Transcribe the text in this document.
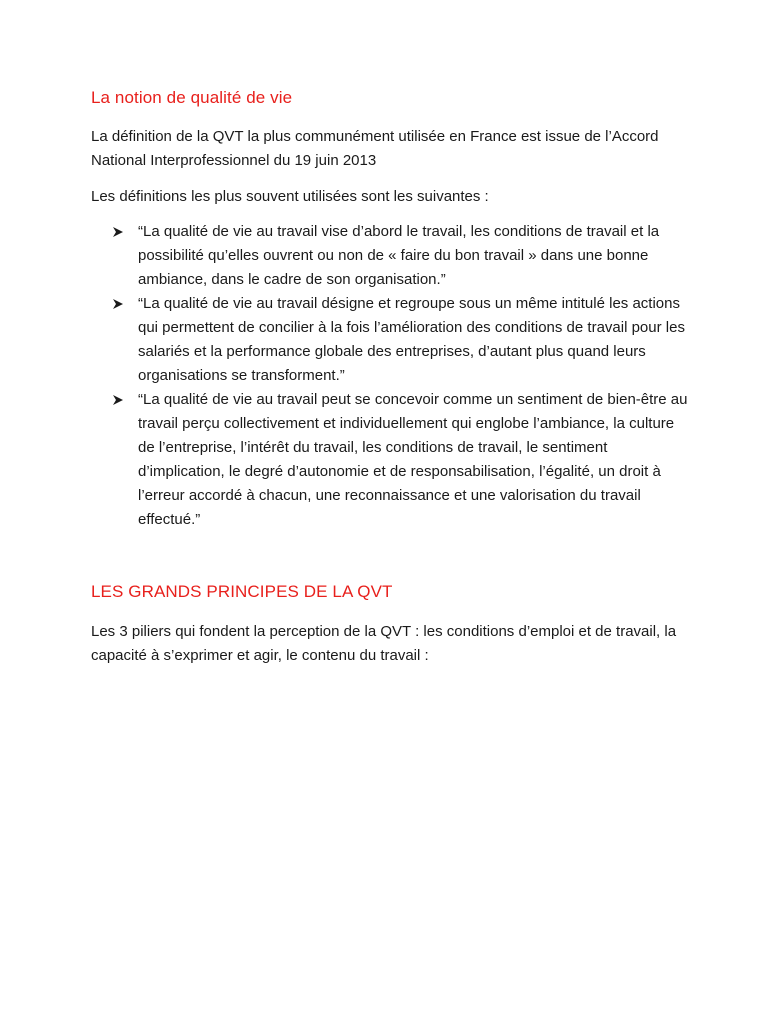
La notion de qualité de vie

La définition de la QVT la plus communément utilisée en France est issue de l’Accord National Interprofessionnel du 19 juin 2013

Les définitions les plus souvent utilisées sont les suivantes :

“La qualité de vie au travail vise d’abord le travail, les conditions de travail et la possibilité qu’elles ouvrent ou non de « faire du bon travail » dans une bonne ambiance, dans le cadre de son organisation.”
“La qualité de vie au travail désigne et regroupe sous un même intitulé les actions qui permettent de concilier à la fois l’amélioration des conditions de travail pour les salariés et la performance globale des entreprises, d’autant plus quand leurs organisations se transforment.”
“La qualité de vie au travail peut se concevoir comme un sentiment de bien-être au travail perçu collectivement et individuellement qui englobe l’ambiance, la culture de l’entreprise, l’intérêt du travail, les conditions de travail, le sentiment d’implication, le degré d’autonomie et de responsabilisation, l’égalité, un droit à l’erreur accordé à chacun, une reconnaissance et une valorisation du travail effectué.”
LES GRANDS PRINCIPES DE LA QVT

Les 3 piliers qui fondent la perception de la QVT : les conditions d’emploi et de travail, la capacité à s’exprimer et agir, le contenu du travail :
